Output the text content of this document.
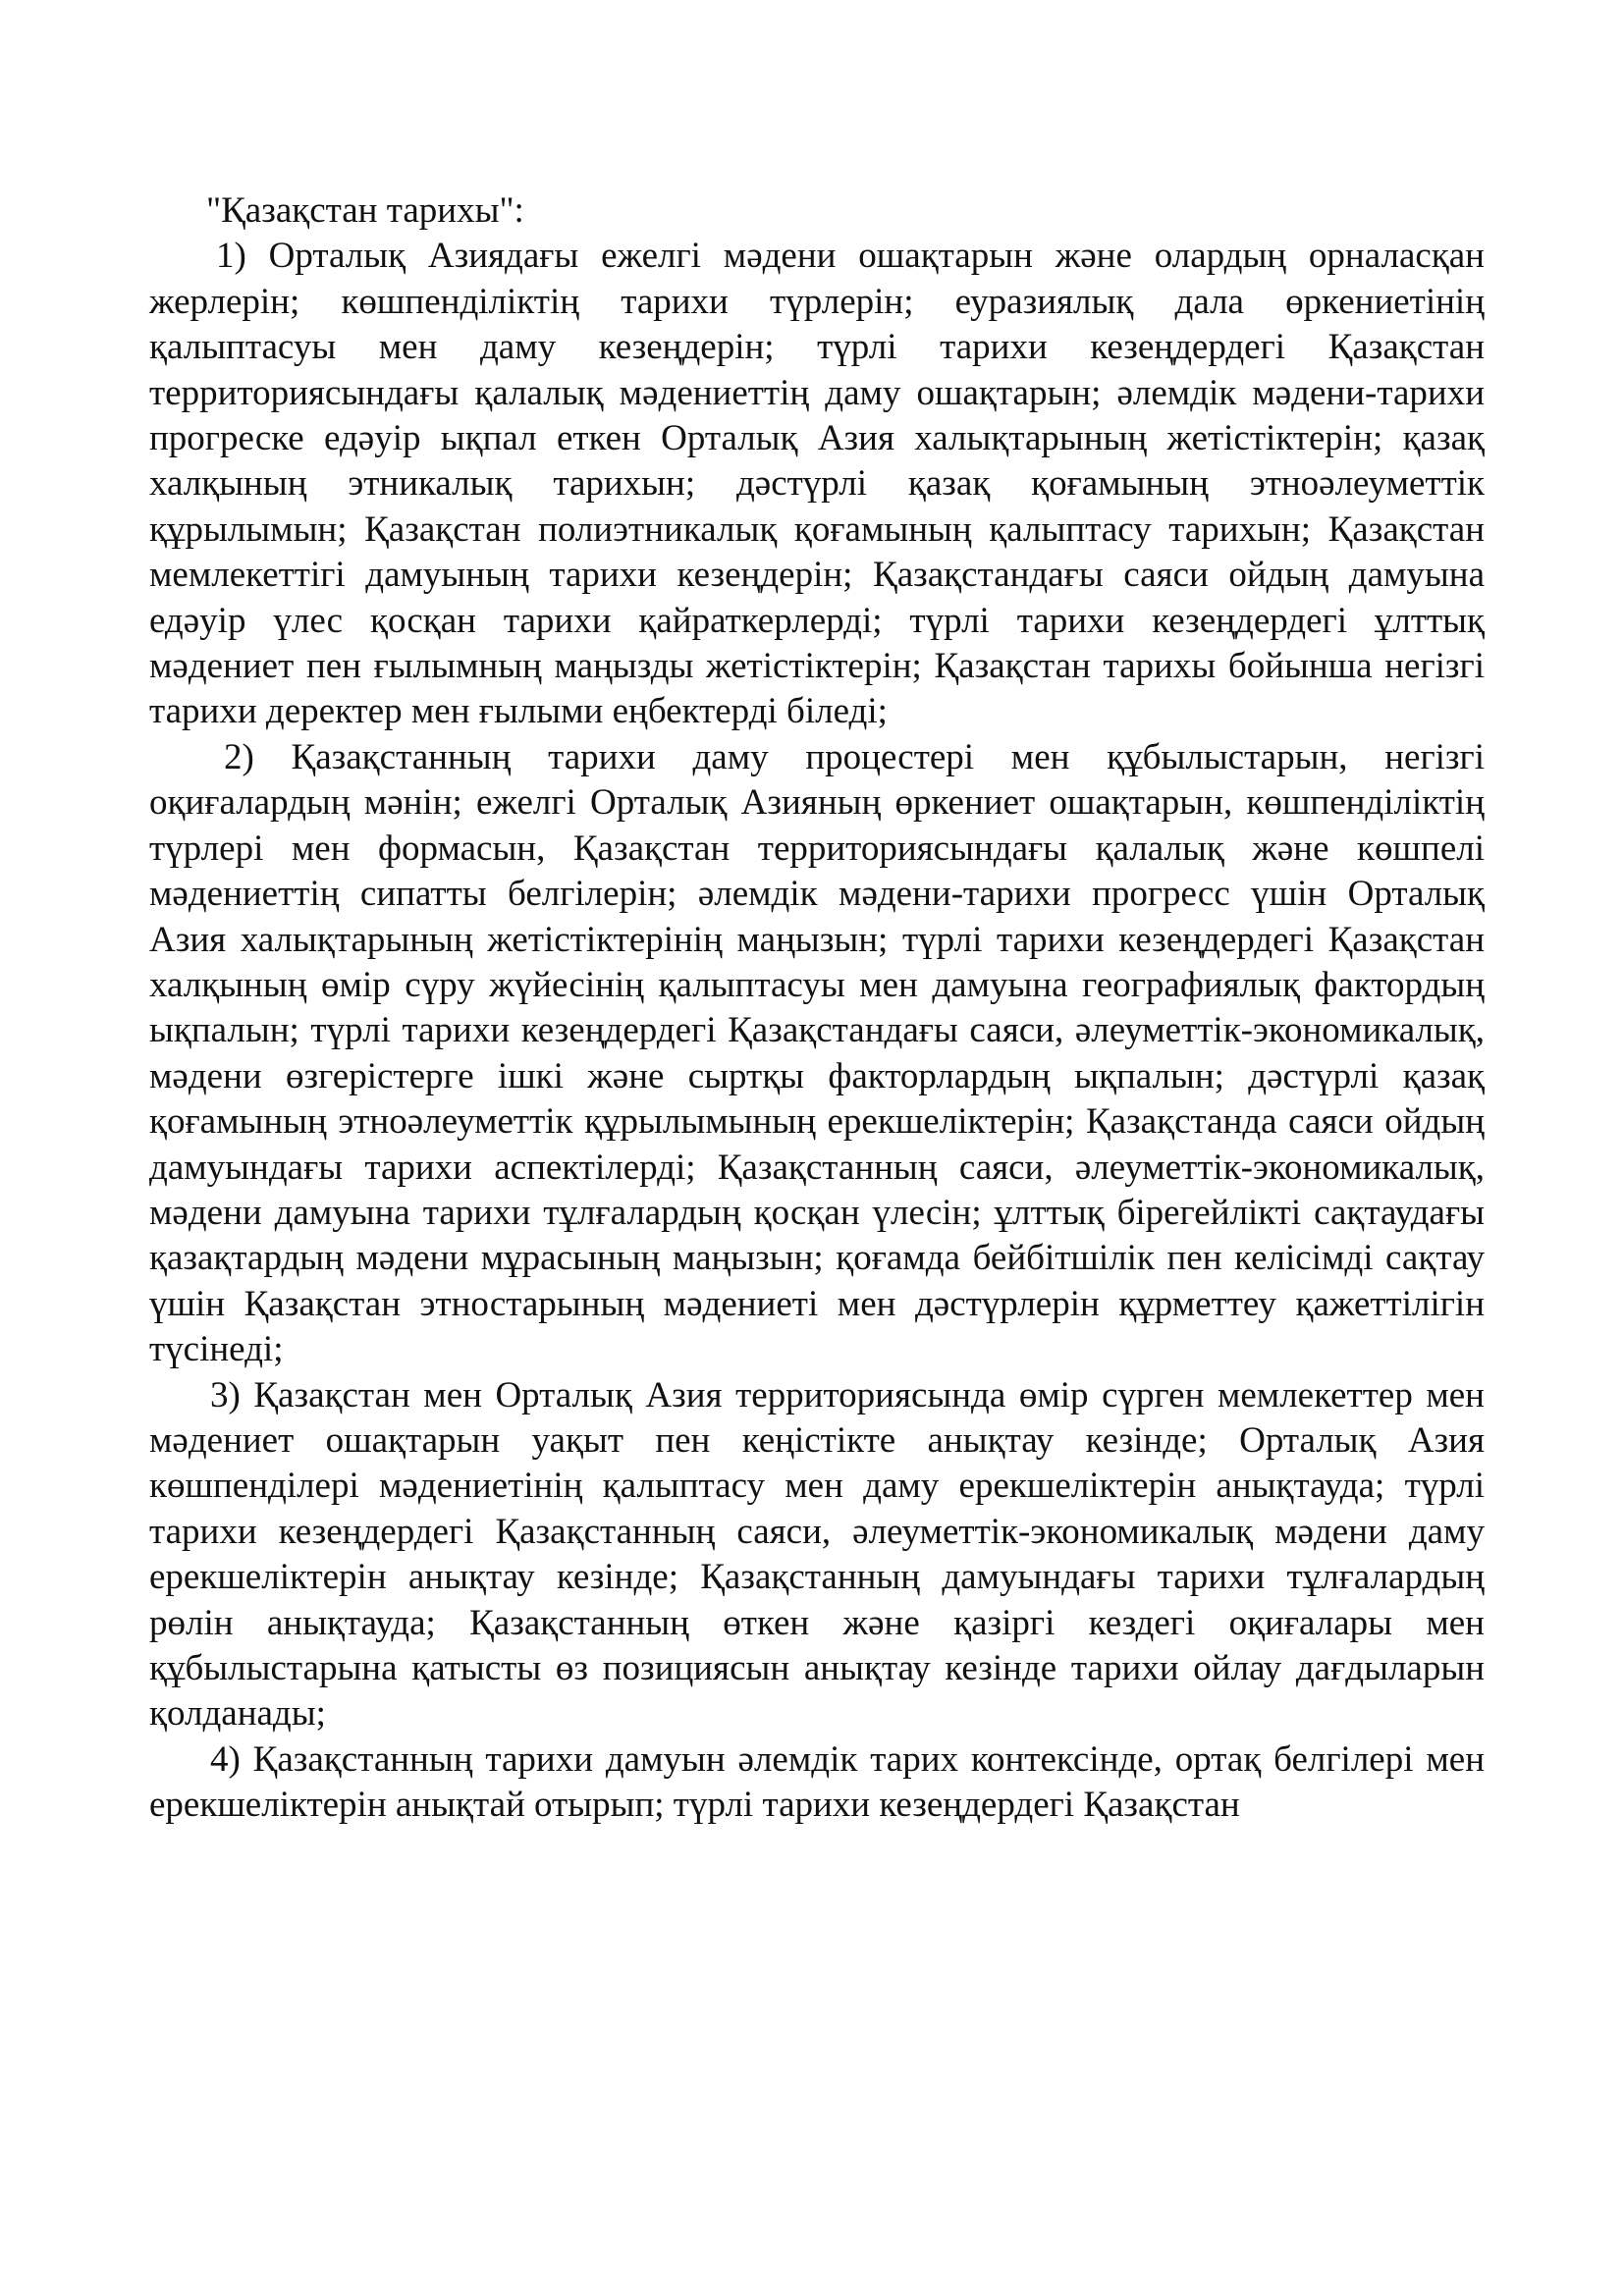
"Қазақстан тарихы":

1) Орталық Азиядағы ежелгі мәдени ошақтарын және олардың орналасқан жерлерін; көшпенділіктің тарихи түрлерін; еуразиялық дала өркениетінің қалыптасуы мен даму кезеңдерін; түрлі тарихи кезеңдердегі Қазақстан территориясындағы қалалық мәдениеттің даму ошақтарын; әлемдік мәдени-тарихи прогреске едәуір ықпал еткен Орталық Азия халықтарының жетістіктерін; қазақ халқының этникалық тарихын; дәстүрлі қазақ қоғамының этноәлеуметтік құрылымын; Қазақстан полиэтникалық қоғамының қалыптасу тарихын; Қазақстан мемлекеттігі дамуының тарихи кезеңдерін; Қазақстандағы саяси ойдың дамуына едәуір үлес қосқан тарихи қайраткерлерді; түрлі тарихи кезеңдердегі ұлттық мәдениет пен ғылымның маңызды жетістіктерін; Қазақстан тарихы бойынша негізгі тарихи деректер мен ғылыми еңбектерді біледі;

2) Қазақстанның тарихи даму процестері мен құбылыстарын, негізгі оқиғалардың мәнін; ежелгі Орталық Азияның өркениет ошақтарын, көшпенділіктің түрлері мен формасын, Қазақстан территориясындағы қалалық және көшпелі мәдениеттің сипатты белгілерін; әлемдік мәдени-тарихи прогресс үшін Орталық Азия халықтарының жетістіктерінің маңызын; түрлі тарихи кезеңдердегі Қазақстан халқының өмір сүру жүйесінің қалыптасуы мен дамуына географиялық фактордың ықпалын; түрлі тарихи кезеңдердегі Қазақстандағы саяси, әлеуметтік-экономикалық, мәдени өзгерістерге ішкі және сыртқы факторлардың ықпалын; дәстүрлі қазақ қоғамының этноәлеуметтік құрылымының ерекшеліктерін; Қазақстанда саяси ойдың дамуындағы тарихи аспектілерді; Қазақстанның саяси, әлеуметтік-экономикалық, мәдени дамуына тарихи тұлғалардың қосқан үлесін; ұлттық бірегейлікті сақтаудағы қазақтардың мәдени мұрасының маңызын; қоғамда бейбітшілік пен келісімді сақтау үшін Қазақстан этностарының мәдениеті мен дәстүрлерін құрметтеу қажеттілігін түсінеді;

3) Қазақстан мен Орталық Азия территориясында өмір сүрген мемлекеттер мен мәдениет ошақтарын уақыт пен кеңістікте анықтау кезінде; Орталық Азия көшпенділері мәдениетінің қалыптасу мен даму ерекшеліктерін анықтауда; түрлі тарихи кезеңдердегі Қазақстанның саяси, әлеуметтік-экономикалық мәдени даму ерекшеліктерін анықтау кезінде; Қазақстанның дамуындағы тарихи тұлғалардың рөлін анықтауда; Қазақстанның өткен және қазіргі кездегі оқиғалары мен құбылыстарына қатысты өз позициясын анықтау кезінде тарихи ойлау дағдыларын қолданады;

4) Қазақстанның тарихи дамуын әлемдік тарих контексінде, ортақ белгілері мен ерекшеліктерін анықтай отырып; түрлі тарихи кезеңдердегі Қазақстан
